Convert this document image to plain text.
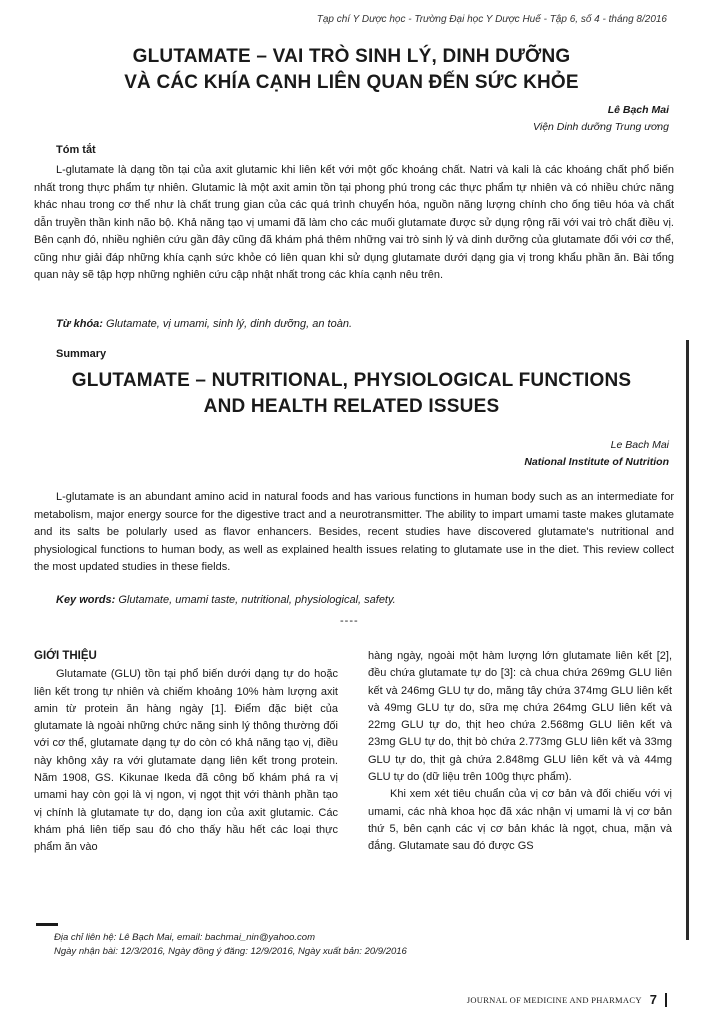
Tạp chí Y Dược học - Trường Đại học Y Dược Huế - Tập 6, số 4 - tháng 8/2016
GLUTAMATE – VAI TRÒ SINH LÝ, DINH DƯỠNG
VÀ CÁC KHÍA CẠNH LIÊN QUAN ĐẾN SỨC KHỎE
Lê Bạch Mai
Viện Dinh dưỡng Trung ương
Tóm tắt

L-glutamate là dạng tồn tại của axit glutamic khi liên kết với một gốc khoáng chất. Natri và kali là các khoáng chất phổ biến nhất trong thực phẩm tự nhiên. Glutamic là một axit amin tồn tại phong phú trong các thực phẩm tự nhiên và có nhiều chức năng khác nhau trong cơ thể như là chất trung gian của các quá trình chuyển hóa, nguồn năng lượng chính cho ống tiêu hóa và chất dẫn truyền thần kinh não bộ. Khả năng tạo vị umami đã làm cho các muối glutamate được sử dụng rộng rãi với vai trò chất điều vị. Bên cạnh đó, nhiều nghiên cứu gần đây cũng đã khám phá thêm những vai trò sinh lý và dinh dưỡng của glutamate đối với cơ thể, cũng như giải đáp những khía cạnh sức khỏe có liên quan khi sử dụng glutamate dưới dạng gia vị trong khẩu phần ăn. Bài tổng quan này sẽ tập hợp những nghiên cứu cập nhật nhất trong các khía cạnh nêu trên.

Từ khóa: Glutamate, vị umami, sinh lý, dinh dưỡng, an toàn.
Summary
GLUTAMATE – NUTRITIONAL, PHYSIOLOGICAL FUNCTIONS
AND HEALTH RELATED ISSUES
Le Bach Mai
National Institute of Nutrition

L-glutamate is an abundant amino acid in natural foods and has various functions in human body such as an intermediate for metabolism, major energy source for the digestive tract and a neurotransmitter. The ability to impart umami taste makes glutamate and its salts be polularly used as flavor enhancers. Besides, recent studies have discovered glutamate's nutritional and physiological functions to human body, as well as explained health issues relating to glutamate use in the diet. This review collect the most updated studies in these fields.

Key words: Glutamate, umami taste, nutritional, physiological, safety.
----

GIỚI THIỆU

Glutamate (GLU) tồn tại phổ biến dưới dạng tự do hoặc liên kết trong tự nhiên và chiếm khoảng 10% hàm lượng axit amin từ protein ăn hàng ngày [1]. Điểm đặc biệt của glutamate là ngoài những chức năng sinh lý thông thường đối với cơ thể, glutamate dạng tự do còn có khả năng tạo vị, điều này không xảy ra với glutamate dạng liên kết trong protein. Năm 1908, GS. Kikunae Ikeda đã công bố khám phá ra vị umami hay còn gọi là vị ngon, vị ngọt thịt với thành phần tạo vị chính là glutamate tự do, dạng ion của axit glutamic. Các khám phá liên tiếp sau đó cho thấy hầu hết các loại thực phẩm ăn vào

hàng ngày, ngoài một hàm lượng lớn glutamate liên kết [2], đều chứa glutamate tự do [3]: cà chua chứa 269mg GLU liên kết và 246mg GLU tự do, măng tây chứa 374mg GLU liên kết và 49mg GLU tự do, sữa mẹ chứa 264mg GLU liên kết và 22mg GLU tự do, thịt heo chứa 2.568mg GLU liên kết và 23mg GLU tự do, thịt bò chứa 2.773mg GLU liên kết và 33mg GLU tự do, thịt gà chứa 2.848mg GLU liên kết và và 44mg GLU tự do (dữ liệu trên 100g thực phẩm).

Khi xem xét tiêu chuẩn của vị cơ bản và đối chiếu với vị umami, các nhà khoa học đã xác nhận vị umami là vị cơ bản thứ 5, bên cạnh các vị cơ bản khác là ngọt, chua, mặn và đắng. Glutamate sau đó được GS

Địa chỉ liên hệ: Lê Bạch Mai, email: bachmai_nin@yahoo.com
Ngày nhận bài: 12/3/2016, Ngày đồng ý đăng: 12/9/2016, Ngày xuất bản: 20/9/2016
JOURNAL OF MEDICINE AND PHARMACY 7
